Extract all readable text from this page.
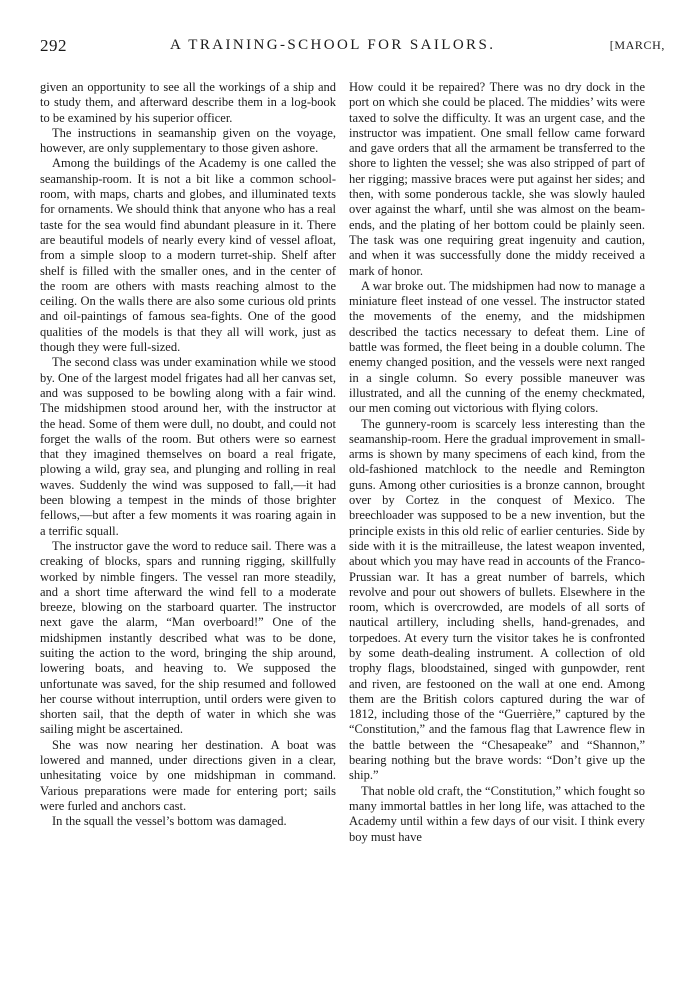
292	A TRAINING-SCHOOL FOR SAILORS.	[MARCH,

given an opportunity to see all the workings of a ship and to study them, and afterward describe them in a log-book to be examined by his superior officer.

The instructions in seamanship given on the voyage, however, are only supplementary to those given ashore.

Among the buildings of the Academy is one called the seamanship-room. It is not a bit like a common school-room, with maps, charts and globes, and illuminated texts for ornaments. We should think that anyone who has a real taste for the sea would find abundant pleasure in it. There are beautiful models of nearly every kind of vessel afloat, from a simple sloop to a modern turret-ship. Shelf after shelf is filled with the smaller ones, and in the center of the room are others with masts reaching almost to the ceiling. On the walls there are also some curious old prints and oil-paintings of famous sea-fights. One of the good qualities of the models is that they all will work, just as though they were full-sized.

The second class was under examination while we stood by. One of the largest model frigates had all her canvas set, and was supposed to be bowling along with a fair wind. The midshipmen stood around her, with the instructor at the head. Some of them were dull, no doubt, and could not forget the walls of the room. But others were so earnest that they imagined themselves on board a real frigate, plowing a wild, gray sea, and plunging and rolling in real waves. Suddenly the wind was supposed to fall,—it had been blowing a tempest in the minds of those brighter fellows,—but after a few moments it was roaring again in a terrific squall.

The instructor gave the word to reduce sail. There was a creaking of blocks, spars and running rigging, skillfully worked by nimble fingers. The vessel ran more steadily, and a short time afterward the wind fell to a moderate breeze, blowing on the starboard quarter. The instructor next gave the alarm, “Man overboard!” One of the midshipmen instantly described what was to be done, suiting the action to the word, bringing the ship around, lowering boats, and heaving to. We supposed the unfortunate was saved, for the ship resumed and followed her course without interruption, until orders were given to shorten sail, that the depth of water in which she was sailing might be ascertained.

She was now nearing her destination. A boat was lowered and manned, under directions given in a clear, unhesitating voice by one midshipman in command. Various preparations were made for entering port; sails were furled and anchors cast.

In the squall the vessel’s bottom was damaged.

How could it be repaired? There was no dry dock in the port on which she could be placed. The middies’ wits were taxed to solve the difficulty. It was an urgent case, and the instructor was impatient. One small fellow came forward and gave orders that all the armament be transferred to the shore to lighten the vessel; she was also stripped of part of her rigging; massive braces were put against her sides; and then, with some ponderous tackle, she was slowly hauled over against the wharf, until she was almost on the beam-ends, and the plating of her bottom could be plainly seen. The task was one requiring great ingenuity and caution, and when it was successfully done the middy received a mark of honor.

A war broke out. The midshipmen had now to manage a miniature fleet instead of one vessel. The instructor stated the movements of the enemy, and the midshipmen described the tactics necessary to defeat them. Line of battle was formed, the fleet being in a double column. The enemy changed position, and the vessels were next ranged in a single column. So every possible maneuver was illustrated, and all the cunning of the enemy checkmated, our men coming out victorious with flying colors.

The gunnery-room is scarcely less interesting than the seamanship-room. Here the gradual improvement in small-arms is shown by many specimens of each kind, from the old-fashioned matchlock to the needle and Remington guns. Among other curiosities is a bronze cannon, brought over by Cortez in the conquest of Mexico. The breechloader was supposed to be a new invention, but the principle exists in this old relic of earlier centuries. Side by side with it is the mitrailleuse, the latest weapon invented, about which you may have read in accounts of the Franco-Prussian war. It has a great number of barrels, which revolve and pour out showers of bullets. Elsewhere in the room, which is overcrowded, are models of all sorts of nautical artillery, including shells, hand-grenades, and torpedoes. At every turn the visitor takes he is confronted by some death-dealing instrument. A collection of old trophy flags, bloodstained, singed with gunpowder, rent and riven, are festooned on the wall at one end. Among them are the British colors captured during the war of 1812, including those of the “Guerrière,” captured by the “Constitution,” and the famous flag that Lawrence flew in the battle between the “Chesapeake” and “Shannon,” bearing nothing but the brave words: “Don’t give up the ship.”

That noble old craft, the “Constitution,” which fought so many immortal battles in her long life, was attached to the Academy until within a few days of our visit. I think every boy must have
